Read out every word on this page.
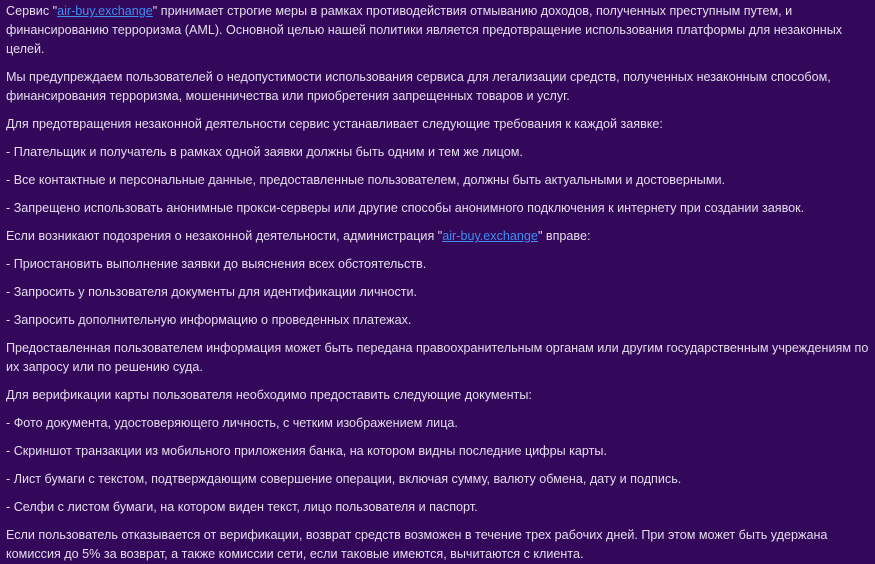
Сервис "air-buy.exchange" принимает строгие меры в рамках противодействия отмыванию доходов, полученных преступным путем, и финансированию терроризма (AML). Основной целью нашей политики является предотвращение использования платформы для незаконных целей.

Мы предупреждаем пользователей о недопустимости использования сервиса для легализации средств, полученных незаконным способом, финансирования терроризма, мошенничества или приобретения запрещенных товаров и услуг.

Для предотвращения незаконной деятельности сервис устанавливает следующие требования к каждой заявке:

- Плательщик и получатель в рамках одной заявки должны быть одним и тем же лицом.

- Все контактные и персональные данные, предоставленные пользователем, должны быть актуальными и достоверными.

- Запрещено использовать анонимные прокси-серверы или другие способы анонимного подключения к интернету при создании заявок.

Если возникают подозрения о незаконной деятельности, администрация "air-buy.exchange" вправе:

- Приостановить выполнение заявки до выяснения всех обстоятельств.

- Запросить у пользователя документы для идентификации личности.

- Запросить дополнительную информацию о проведенных платежах.

Предоставленная пользователем информация может быть передана правоохранительным органам или другим государственным учреждениям по их запросу или по решению суда.

Для верификации карты пользователя необходимо предоставить следующие документы:

- Фото документа, удостоверяющего личность, с четким изображением лица.

- Скриншот транзакции из мобильного приложения банка, на котором видны последние цифры карты.

- Лист бумаги с текстом, подтверждающим совершение операции, включая сумму, валюту обмена, дату и подпись.

- Селфи с листом бумаги, на котором виден текст, лицо пользователя и паспорт.

Если пользователь отказывается от верификации, возврат средств возможен в течение трех рабочих дней. При этом может быть удержана комиссия до 5% за возврат, а также комиссии сети, если таковые имеются, вычитаются с клиента.
